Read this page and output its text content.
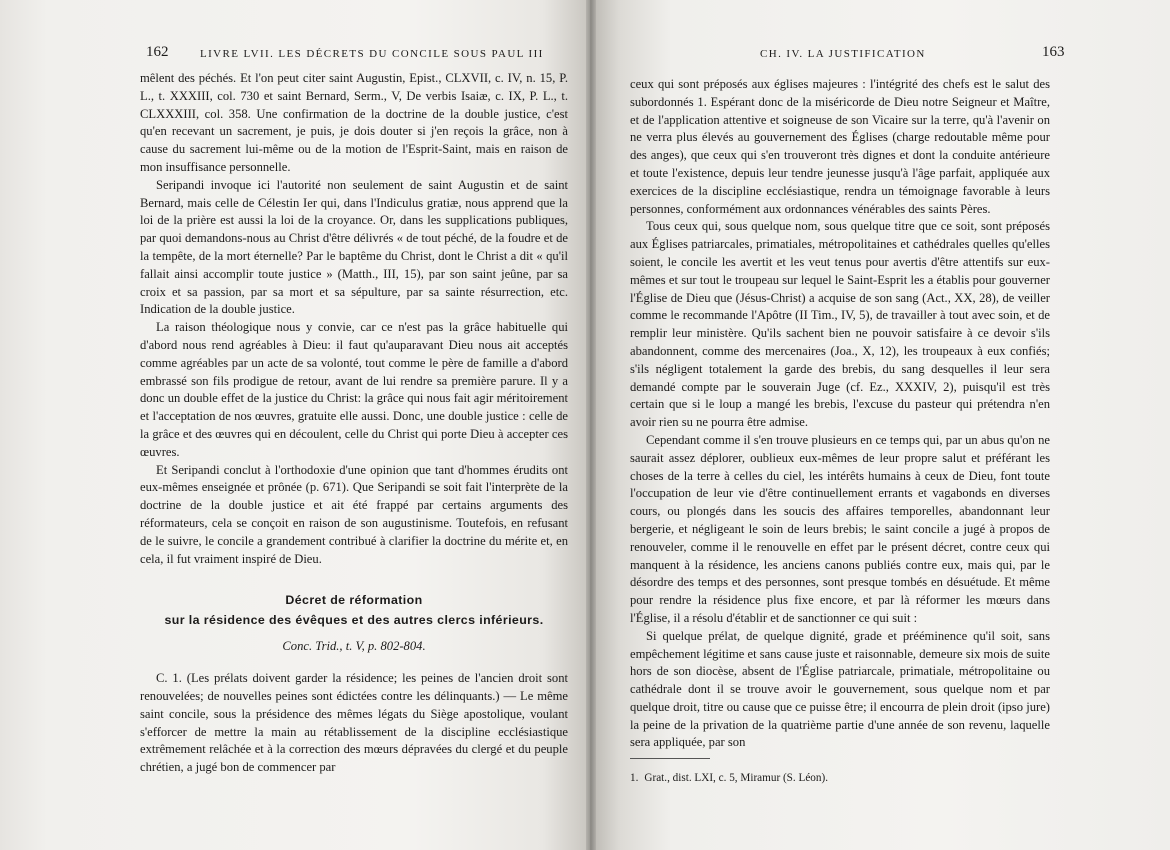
162	LIVRE LVII. LES DÉCRETS DU CONCILE SOUS PAUL III

mêlent des péchés. Et l'on peut citer saint Augustin, Epist., CLXVII, c. IV, n. 15, P. L., t. XXXIII, col. 730 et saint Bernard, Serm., V, De verbis Isaiæ, c. IX, P. L., t. CLXXXIII, col. 358. Une confirmation de la doctrine de la double justice, c'est qu'en recevant un sacrement, je puis, je dois douter si j'en reçois la grâce, non à cause du sacrement lui-même ou de la motion de l'Esprit-Saint, mais en raison de mon insuffisance personnelle.

Seripandi invoque ici l'autorité non seulement de saint Augustin et de saint Bernard, mais celle de Célestin Ier qui, dans l'Indiculus gratiæ, nous apprend que la loi de la prière est aussi la loi de la croyance. Or, dans les supplications publiques, par quoi demandons-nous au Christ d'être délivrés « de tout péché, de la foudre et de la tempête, de la mort éternelle? Par le baptême du Christ, dont le Christ a dit « qu'il fallait ainsi accomplir toute justice » (Matth., III, 15), par son saint jeûne, par sa croix et sa passion, par sa mort et sa sépulture, par sa sainte résurrection, etc. Indication de la double justice.

La raison théologique nous y convie, car ce n'est pas la grâce habituelle qui d'abord nous rend agréables à Dieu: il faut qu'auparavant Dieu nous ait acceptés comme agréables par un acte de sa volonté, tout comme le père de famille a d'abord embrassé son fils prodigue de retour, avant de lui rendre sa première parure. Il y a donc un double effet de la justice du Christ: la grâce qui nous fait agir méritoirement et l'acceptation de nos œuvres, gratuite elle aussi. Donc, une double justice : celle de la grâce et des œuvres qui en découlent, celle du Christ qui porte Dieu à accepter ces œuvres.

Et Seripandi conclut à l'orthodoxie d'une opinion que tant d'hommes érudits ont eux-mêmes enseignée et prônée (p. 671). Que Seripandi se soit fait l'interprète de la doctrine de la double justice et ait été frappé par certains arguments des réformateurs, cela se conçoit en raison de son augustinisme. Toutefois, en refusant de le suivre, le concile a grandement contribué à clarifier la doctrine du mérite et, en cela, il fut vraiment inspiré de Dieu.

Décret de réformation
sur la résidence des évêques et des autres clercs inférieurs.
Conc. Trid., t. V, p. 802-804.

C. 1. (Les prélats doivent garder la résidence; les peines de l'ancien droit sont renouvelées; de nouvelles peines sont édictées contre les délinquants.) — Le même saint concile, sous la présidence des mêmes légats du Siège apostolique, voulant s'efforcer de mettre la main au rétablissement de la discipline ecclésiastique extrêmement relâchée et à la correction des mœurs dépravées du clergé et du peuple chrétien, a jugé bon de commencer par

CH. IV. LA JUSTIFICATION	163

ceux qui sont préposés aux églises majeures : l'intégrité des chefs est le salut des subordonnés 1. Espérant donc de la miséricorde de Dieu notre Seigneur et Maître, et de l'application attentive et soigneuse de son Vicaire sur la terre, qu'à l'avenir on ne verra plus élevés au gouvernement des Églises (charge redoutable même pour des anges), que ceux qui s'en trouveront très dignes et dont la conduite antérieure et toute l'existence, depuis leur tendre jeunesse jusqu'à l'âge parfait, appliquée aux exercices de la discipline ecclésiastique, rendra un témoignage favorable à leurs personnes, conformément aux ordonnances vénérables des saints Pères.

Tous ceux qui, sous quelque nom, sous quelque titre que ce soit, sont préposés aux Églises patriarcales, primatiales, métropolitaines et cathédrales quelles qu'elles soient, le concile les avertit et les veut tenus pour avertis d'être attentifs sur eux-mêmes et sur tout le troupeau sur lequel le Saint-Esprit les a établis pour gouverner l'Église de Dieu que (Jésus-Christ) a acquise de son sang (Act., XX, 28), de veiller comme le recommande l'Apôtre (II Tim., IV, 5), de travailler à tout avec soin, et de remplir leur ministère. Qu'ils sachent bien ne pouvoir satisfaire à ce devoir s'ils abandonnent, comme des mercenaires (Joa., X, 12), les troupeaux à eux confiés; s'ils négligent totalement la garde des brebis, du sang desquelles il leur sera demandé compte par le souverain Juge (cf. Ez., XXXIV, 2), puisqu'il est très certain que si le loup a mangé les brebis, l'excuse du pasteur qui prétendra n'en avoir rien su ne pourra être admise.

Cependant comme il s'en trouve plusieurs en ce temps qui, par un abus qu'on ne saurait assez déplorer, oublieux eux-mêmes de leur propre salut et préférant les choses de la terre à celles du ciel, les intérêts humains à ceux de Dieu, font toute l'occupation de leur vie d'être continuellement errants et vagabonds en diverses cours, ou plongés dans les soucis des affaires temporelles, abandonnant leur bergerie, et négligeant le soin de leurs brebis; le saint concile a jugé à propos de renouveler, comme il le renouvelle en effet par le présent décret, contre ceux qui manquent à la résidence, les anciens canons publiés contre eux, mais qui, par le désordre des temps et des personnes, sont presque tombés en désuétude. Et même pour rendre la résidence plus fixe encore, et par là réformer les mœurs dans l'Église, il a résolu d'établir et de sanctionner ce qui suit :

Si quelque prélat, de quelque dignité, grade et prééminence qu'il soit, sans empêchement légitime et sans cause juste et raisonnable, demeure six mois de suite hors de son diocèse, absent de l'Église patriarcale, primatiale, métropolitaine ou cathédrale dont il se trouve avoir le gouvernement, sous quelque nom et par quelque droit, titre ou cause que ce puisse être; il encourra de plein droit (ipso jure) la peine de la privation de la quatrième partie d'une année de son revenu, laquelle sera appliquée, par son

1. Grat., dist. LXI, c. 5, Miramur (S. Léon).
